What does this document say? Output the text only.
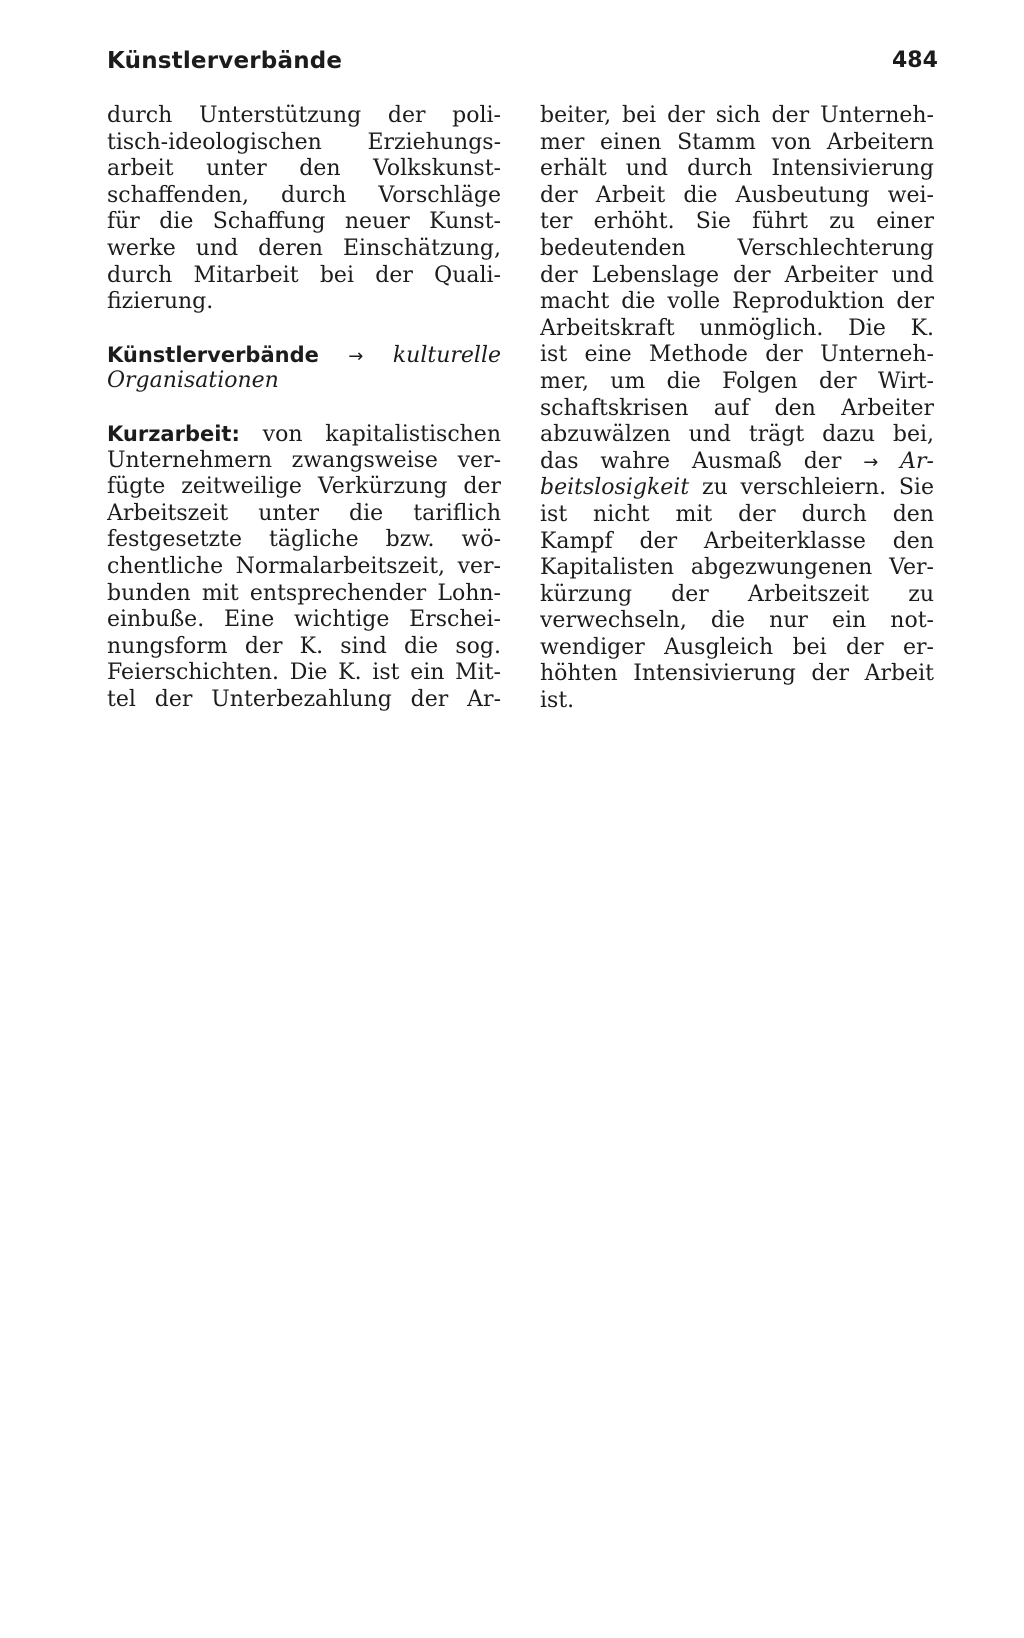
Künstlerverbände	484
durch Unterstützung der poli-
tisch-ideologischen Erziehungs-
arbeit unter den Volkskunst-
schaffenden, durch Vorschläge
für die Schaffung neuer Kunst-
werke und deren Einschätzung,
durch Mitarbeit bei der Quali-
fizierung.
Künstlerverbände → kulturelle
Organisationen
Kurzarbeit: von kapitalistischen
Unternehmern zwangsweise ver-
fügte zeitweilige Verkürzung der
Arbeitszeit unter die tariflich
festgesetzte tägliche bzw. wö-
chentliche Normalarbeitszeit, ver-
bunden mit entsprechender Lohn-
einbuße. Eine wichtige Erschei-
nungsform der K. sind die sog.
Feierschichten. Die K. ist ein Mit-
tel der Unterbezahlung der Ar-
beiter, bei der sich der Unterneh-
mer einen Stamm von Arbeitern
erhält und durch Intensivierung
der Arbeit die Ausbeutung wei-
ter erhöht. Sie führt zu einer
bedeutenden Verschlechterung
der Lebenslage der Arbeiter und
macht die volle Reproduktion der
Arbeitskraft unmöglich. Die K.
ist eine Methode der Unterneh-
mer, um die Folgen der Wirt-
schaftskrisen auf den Arbeiter
abzuwälzen und trägt dazu bei,
das wahre Ausmaß der → Ar-
beitslosigkeit zu verschleiern. Sie
ist nicht mit der durch den
Kampf der Arbeiterklasse den
Kapitalisten abgezwungenen Ver-
kürzung der Arbeitszeit zu
verwechseln, die nur ein not-
wendiger Ausgleich bei der er-
höhten Intensivierung der Arbeit
ist.
